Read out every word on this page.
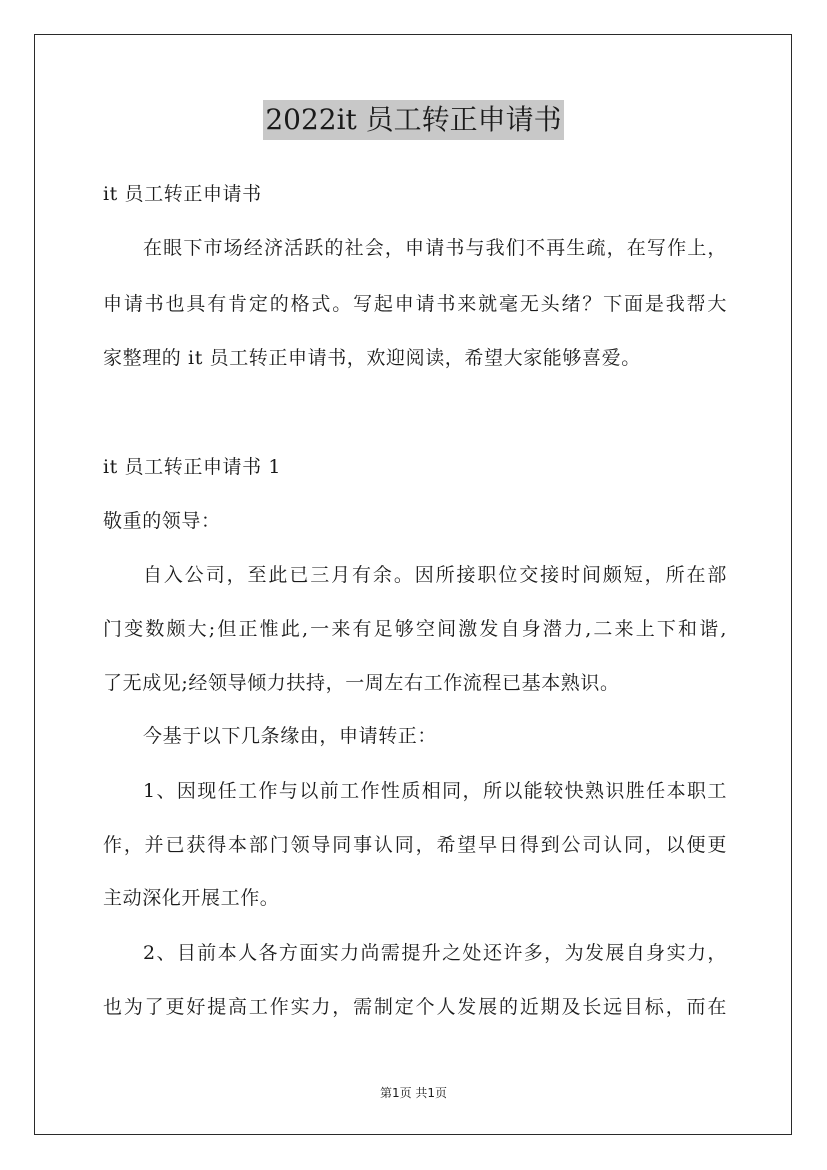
2022it 员工转正申请书
it 员工转正申请书
在眼下市场经济活跃的社会，申请书与我们不再生疏，在写作上，
申请书也具有肯定的格式。写起申请书来就毫无头绪？下面是我帮大
家整理的 it 员工转正申请书，欢迎阅读，希望大家能够喜爱。
it 员工转正申请书 1
敬重的领导：
自入公司，至此已三月有余。因所接职位交接时间颇短，所在部
门变数颇大;但正惟此,一来有足够空间激发自身潜力,二来上下和谐,
了无成见;经领导倾力扶持，一周左右工作流程已基本熟识。
今基于以下几条缘由，申请转正：
1、因现任工作与以前工作性质相同，所以能较快熟识胜任本职工
作，并已获得本部门领导同事认同，希望早日得到公司认同，以便更
主动深化开展工作。
2、目前本人各方面实力尚需提升之处还许多，为发展自身实力，
也为了更好提高工作实力，需制定个人发展的近期及长远目标，而在
第1页 共1页
